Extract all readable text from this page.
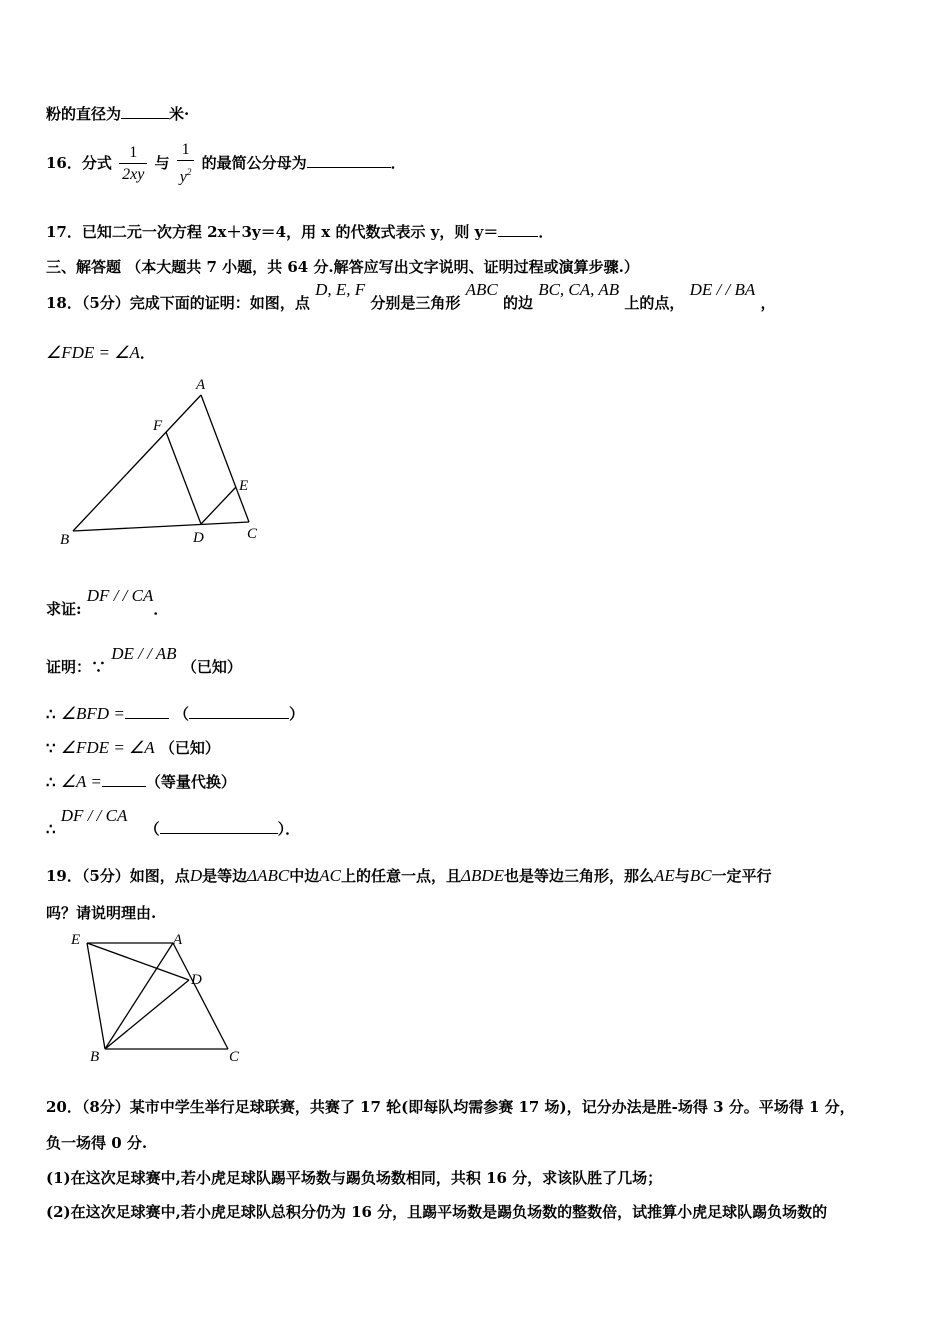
粉的直径为	米·
16．分式 $\frac{1}{2xy}$ 与 $\frac{1}{y^2}$ 的最简公分母为	．
17．已知二元一次方程 2x＋3y＝4，用 x 的代数式表示 y，则 y＝	．
三、解答题 （本大题共 7 小题，共 64 分.解答应写出文字说明、证明过程或演算步骤.）
18．（5分）完成下面的证明：如图，点 D, E, F 分别是三角形 ABC 的边 BC, CA, AB 上的点， DE / / BA ，
∠FDE = ∠A．
A
F
E
B	D	C
求证: DF / / CA．
证明：∵ DE / / AB （已知）
∴ ∠BFD =	（	）
∵ ∠FDE = ∠A （已知）
∴ ∠A =	（等量代换）
∴ DF / / CA （	）．
19．（5分）如图，点D是等边ΔABC中边AC上的任意一点，且ΔBDE也是等边三角形，那么AE与BC一定平行
吗？请说明理由.
E	A
D
B	C
20．（8分）某市中学生举行足球联赛，共赛了 17 轮(即每队均需参赛 17 场)，记分办法是胜-场得 3 分。平场得 1 分，
负一场得 0 分.
(1)在这次足球赛中,若小虎足球队踢平场数与踢负场数相同，共积 16 分，求该队胜了几场；
(2)在这次足球赛中,若小虎足球队总积分仍为 16 分，且踢平场数是踢负场数的整数倍，试推算小虎足球队踢负场数的
